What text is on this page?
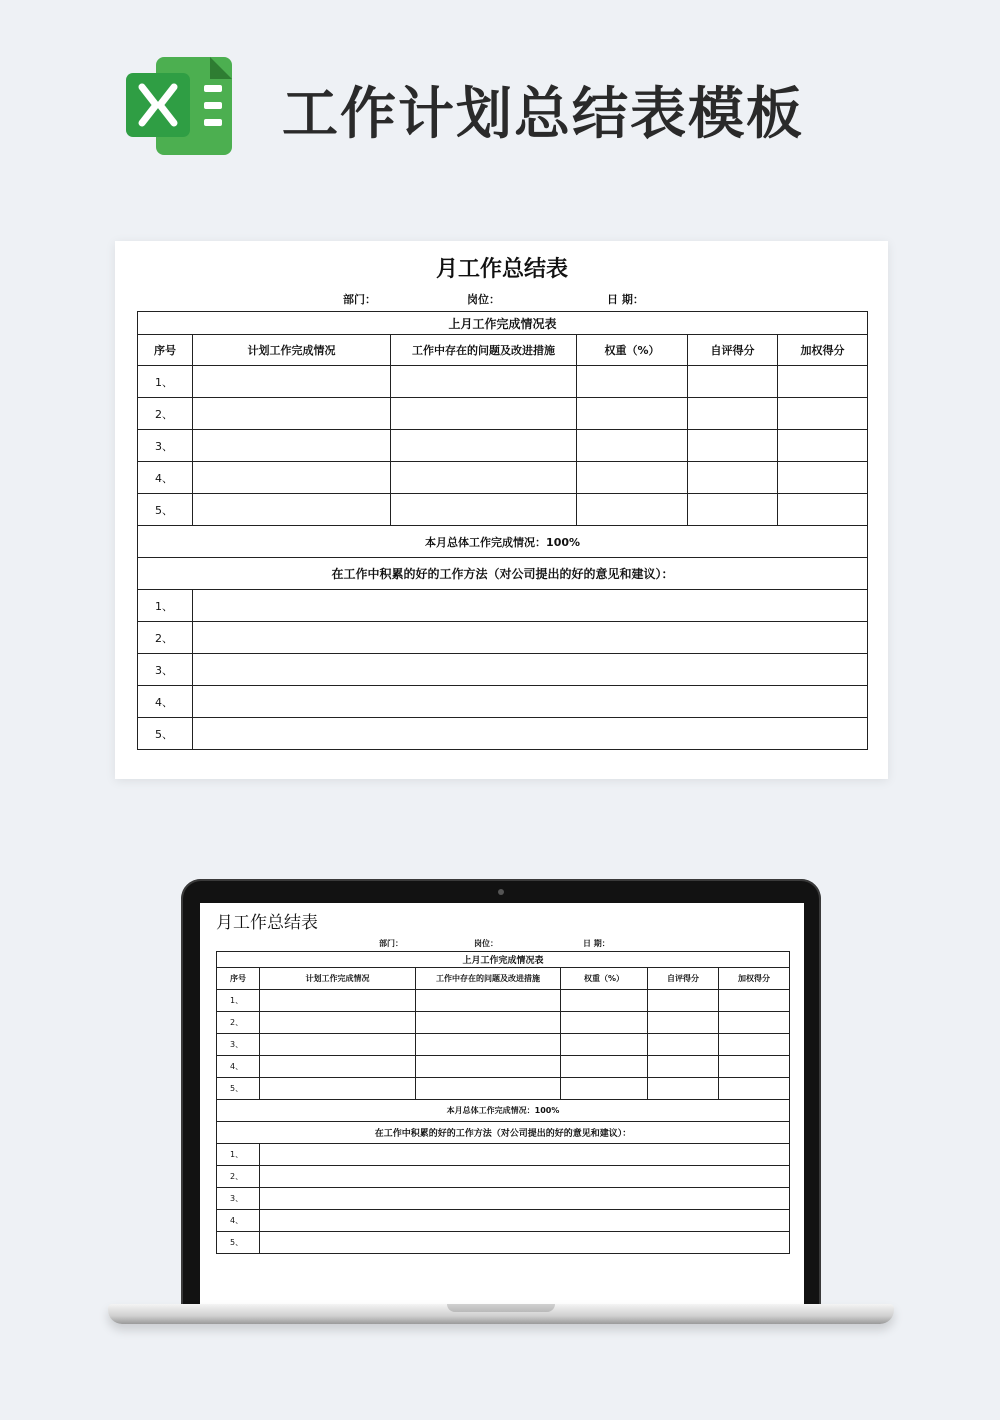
工作计划总结表模板
月工作总结表
部门：	岗位：	日 期：
上月工作完成情况表					
序号	计划工作完成情况	工作中存在的问题及改进措施	权重（%）	自评得分	加权得分
1、					
2、					
3、					
4、					
5、					
本月总体工作完成情况：100%					
在工作中积累的好的工作方法（对公司提出的好的意见和建议）：					
1、					
2、					
3、					
4、					
5、					
月工作总结表
部门：	岗位：	日 期：
上月工作完成情况表					
序号	计划工作完成情况	工作中存在的问题及改进措施	权重（%）	自评得分	加权得分
1、					
2、					
3、					
4、					
5、					
本月总体工作完成情况：100%					
在工作中积累的好的工作方法（对公司提出的好的意见和建议）：					
1、					
2、					
3、					
4、					
5、					
